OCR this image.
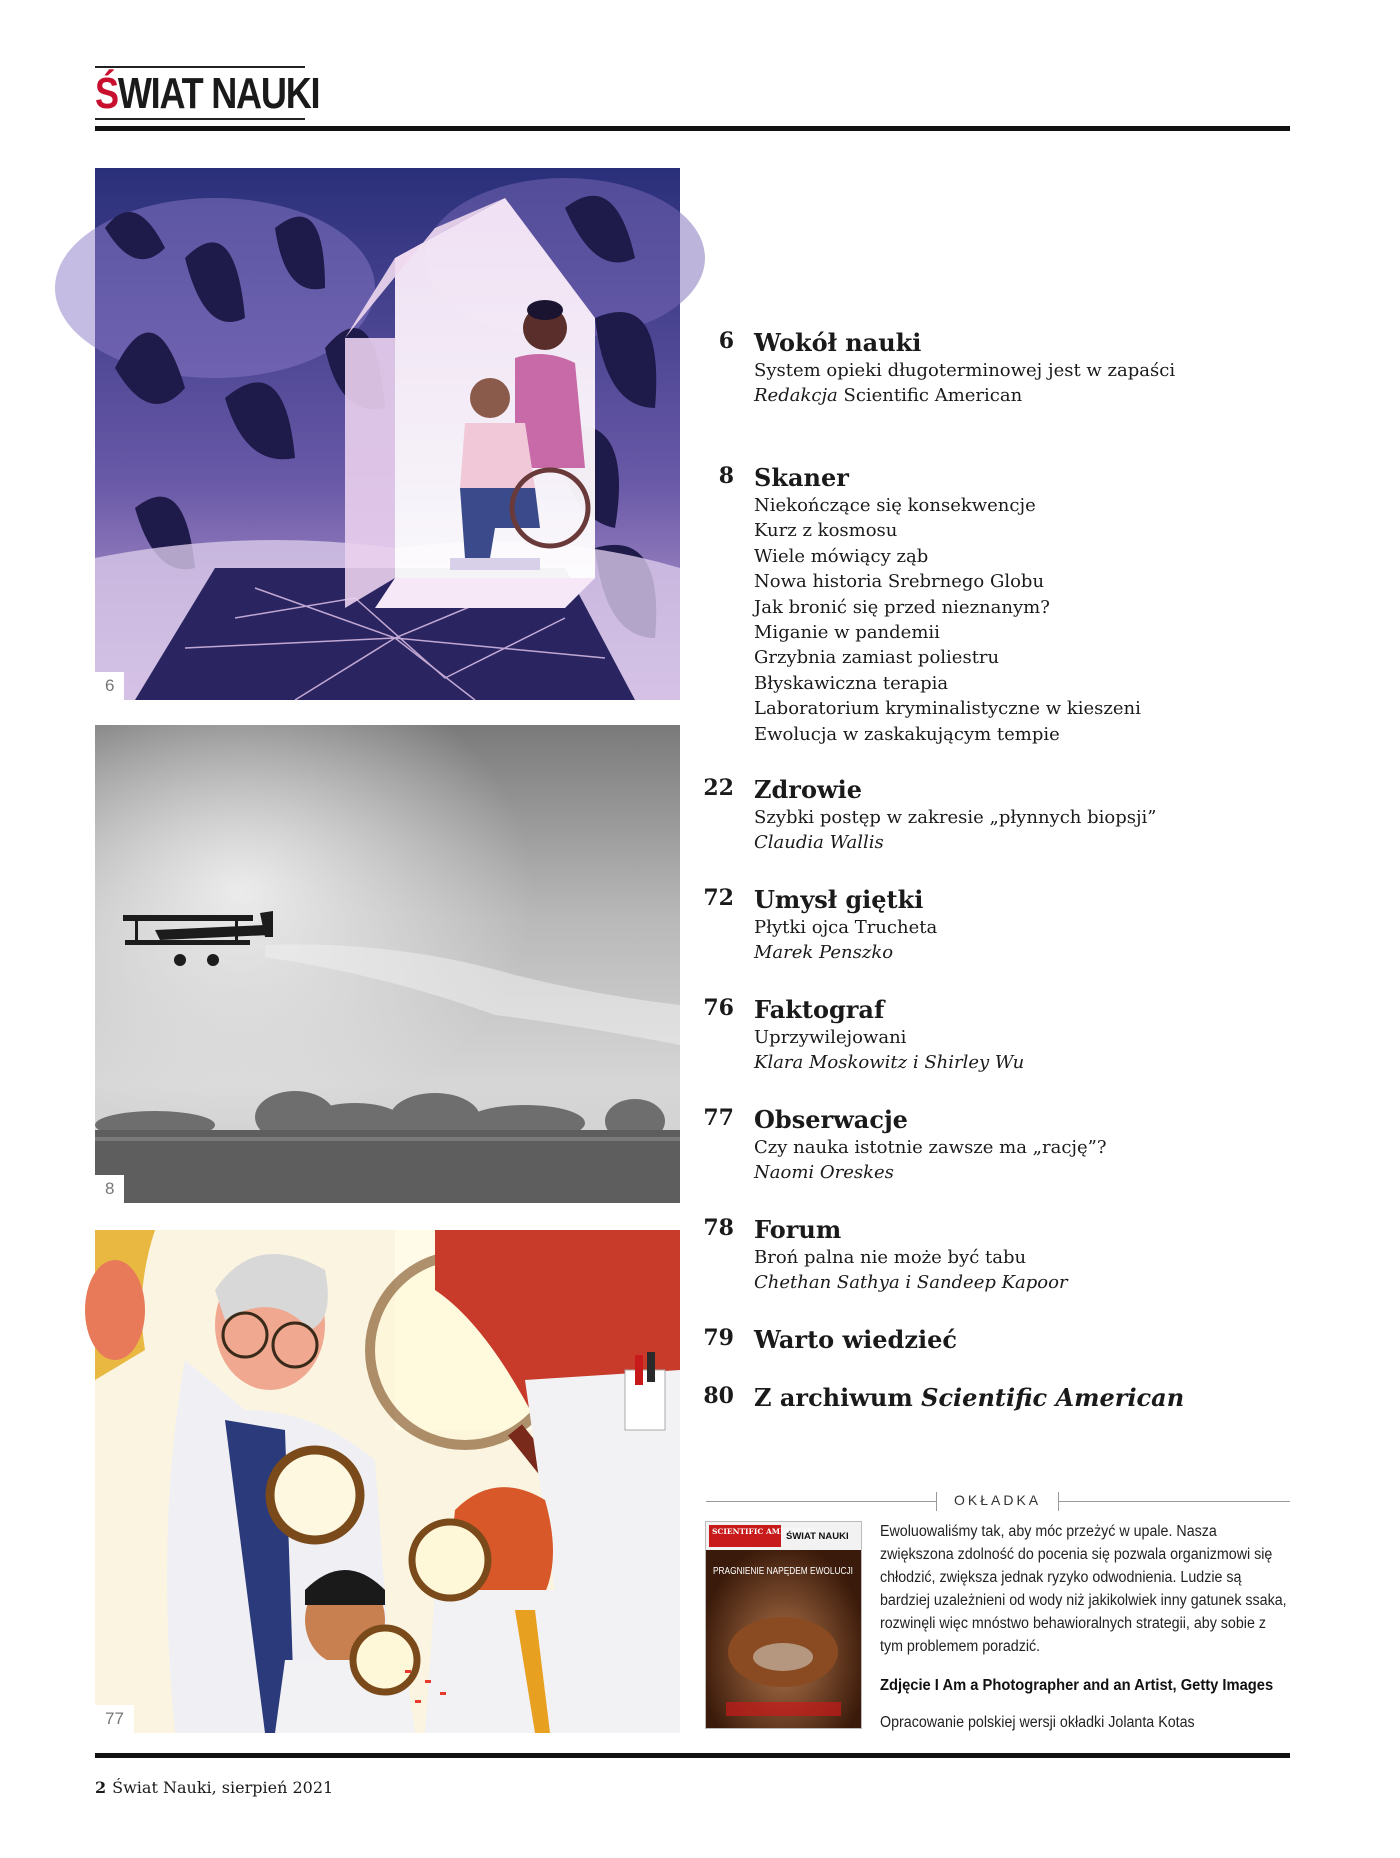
ŚWIAT NAUKI
6
8
77
6 Wokół nauki
System opieki długoterminowej jest w zapaści
Redakcja Scientific American
8 Skaner
Niekończące się konsekwencje
Kurz z kosmosu
Wiele mówiący ząb
Nowa historia Srebrnego Globu
Jak bronić się przed nieznanym?
Miganie w pandemii
Grzybnia zamiast poliestru
Błyskawiczna terapia
Laboratorium kryminalistyczne w kieszeni
Ewolucja w zaskakującym tempie
22 Zdrowie
Szybki postęp w zakresie „płynnych biopsji”
Claudia Wallis
72 Umysł giętki
Płytki ojca Trucheta
Marek Penszko
76 Faktograf
Uprzywilejowani
Klara Moskowitz i Shirley Wu
77 Obserwacje
Czy nauka istotnie zawsze ma „rację”?
Naomi Oreskes
78 Forum
Broń palna nie może być tabu
Chethan Sathya i Sandeep Kapoor
79 Warto wiedzieć
80 Z archiwum Scientific American
OKŁADKA
SCIENTIFIC AMERICAN
ŚWIAT NAUKI
PRAGNIENIE NAPĘDEM EWOLUCJI
Ewoluowaliśmy tak, aby móc przeżyć w upale. Nasza zwiększona zdolność do pocenia się pozwala organizmowi się chłodzić, zwiększa jednak ryzyko odwodnienia. Ludzie są bardziej uzależnieni od wody niż jakikolwiek inny gatunek ssaka, rozwinęli więc mnóstwo behawioralnych strategii, aby sobie z tym problemem poradzić.
Zdjęcie I Am a Photographer and an Artist, Getty Images
Opracowanie polskiej wersji okładki Jolanta Kotas
2 Świat Nauki, sierpień 2021
